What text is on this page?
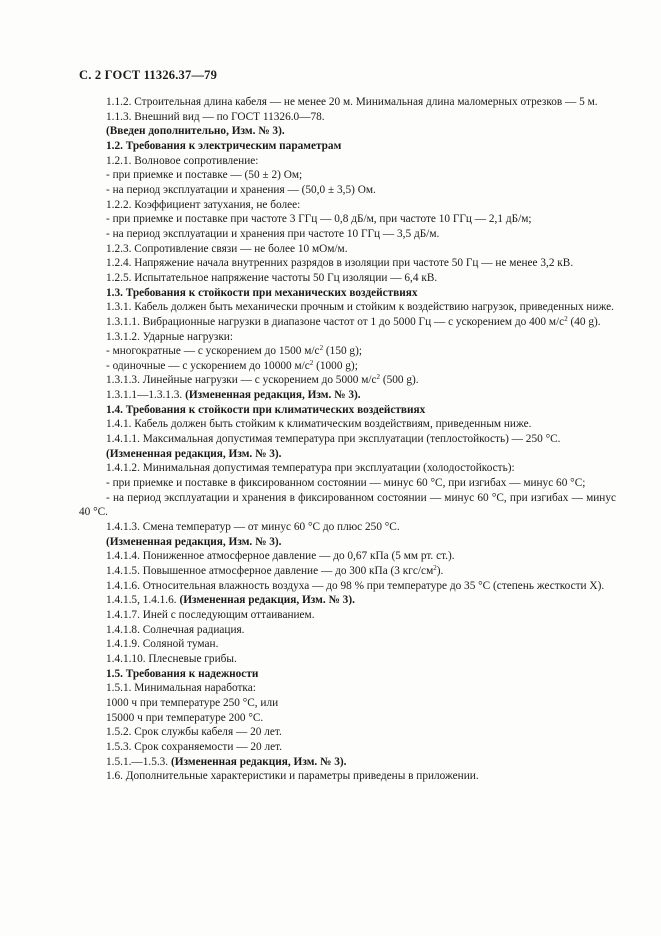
С. 2 ГОСТ 11326.37—79

1.1.2. Строительная длина кабеля — не менее 20 м. Минимальная длина маломерных отрезков — 5 м.

1.1.3. Внешний вид — по ГОСТ 11326.0—78.

(Введен дополнительно, Изм. № 3).

1.2. Требования к электрическим параметрам

1.2.1. Волновое сопротивление:

- при приемке и поставке — (50 ± 2) Ом;

- на период эксплуатации и хранения — (50,0 ± 3,5) Ом.

1.2.2. Коэффициент затухания, не более:

- при приемке и поставке при частоте 3 ГГц — 0,8 дБ/м, при частоте 10 ГГц — 2,1 дБ/м;

- на период эксплуатации и хранения при частоте 10 ГГц — 3,5 дБ/м.

1.2.3. Сопротивление связи — не более 10 мОм/м.

1.2.4. Напряжение начала внутренних разрядов в изоляции при частоте 50 Гц — не менее 3,2 кВ.

1.2.5. Испытательное напряжение частоты 50 Гц изоляции — 6,4 кВ.

1.3. Требования к стойкости при механических воздействиях

1.3.1. Кабель должен быть механически прочным и стойким к воздействию нагрузок, приведенных ниже.

1.3.1.1. Вибрационные нагрузки в диапазоне частот от 1 до 5000 Гц — с ускорением до 400 $м/с^2$ (40 g).

1.3.1.2. Ударные нагрузки:

- многократные — с ускорением до 1500 $м/с^2$ (150 g);

- одиночные — с ускорением до 10000 $м/с^2$ (1000 g);

1.3.1.3. Линейные нагрузки — с ускорением до 5000 $м/с^2$ (500 g).

1.3.1.1—1.3.1.3. (Измененная редакция, Изм. № 3).

1.4. Требования к стойкости при климатических воздействиях

1.4.1. Кабель должен быть стойким к климатическим воздействиям, приведенным ниже.

1.4.1.1. Максимальная допустимая температура при эксплуатации (теплостойкость) — 250 °С.

(Измененная редакция, Изм. № 3).

1.4.1.2. Минимальная допустимая температура при эксплуатации (холодостойкость):

- при приемке и поставке в фиксированном состоянии — минус 60 °С, при изгибах — минус 60 °С;

- на период эксплуатации и хранения в фиксированном состоянии — минус 60 °С, при изгибах — минус 40 °С.

1.4.1.3. Смена температур — от минус 60 °С до плюс 250 °С.

(Измененная редакция, Изм. № 3).

1.4.1.4. Пониженное атмосферное давление — до 0,67 кПа (5 мм рт. ст.).

1.4.1.5. Повышенное атмосферное давление — до 300 кПа (3 кгс/$см^2$).

1.4.1.6. Относительная влажность воздуха — до 98 % при температуре до 35 °С (степень жесткости X).

1.4.1.5, 1.4.1.6. (Измененная редакция, Изм. № 3).

1.4.1.7. Иней с последующим оттаиванием.

1.4.1.8. Солнечная радиация.

1.4.1.9. Соляной туман.

1.4.1.10. Плесневые грибы.

1.5. Требования к надежности

1.5.1. Минимальная наработка:

1000 ч при температуре 250 °С, или

15000 ч при температуре 200 °С.

1.5.2. Срок службы кабеля — 20 лет.

1.5.3. Срок сохраняемости — 20 лет.

1.5.1.—1.5.3. (Измененная редакция, Изм. № 3).

1.6. Дополнительные характеристики и параметры приведены в приложении.
